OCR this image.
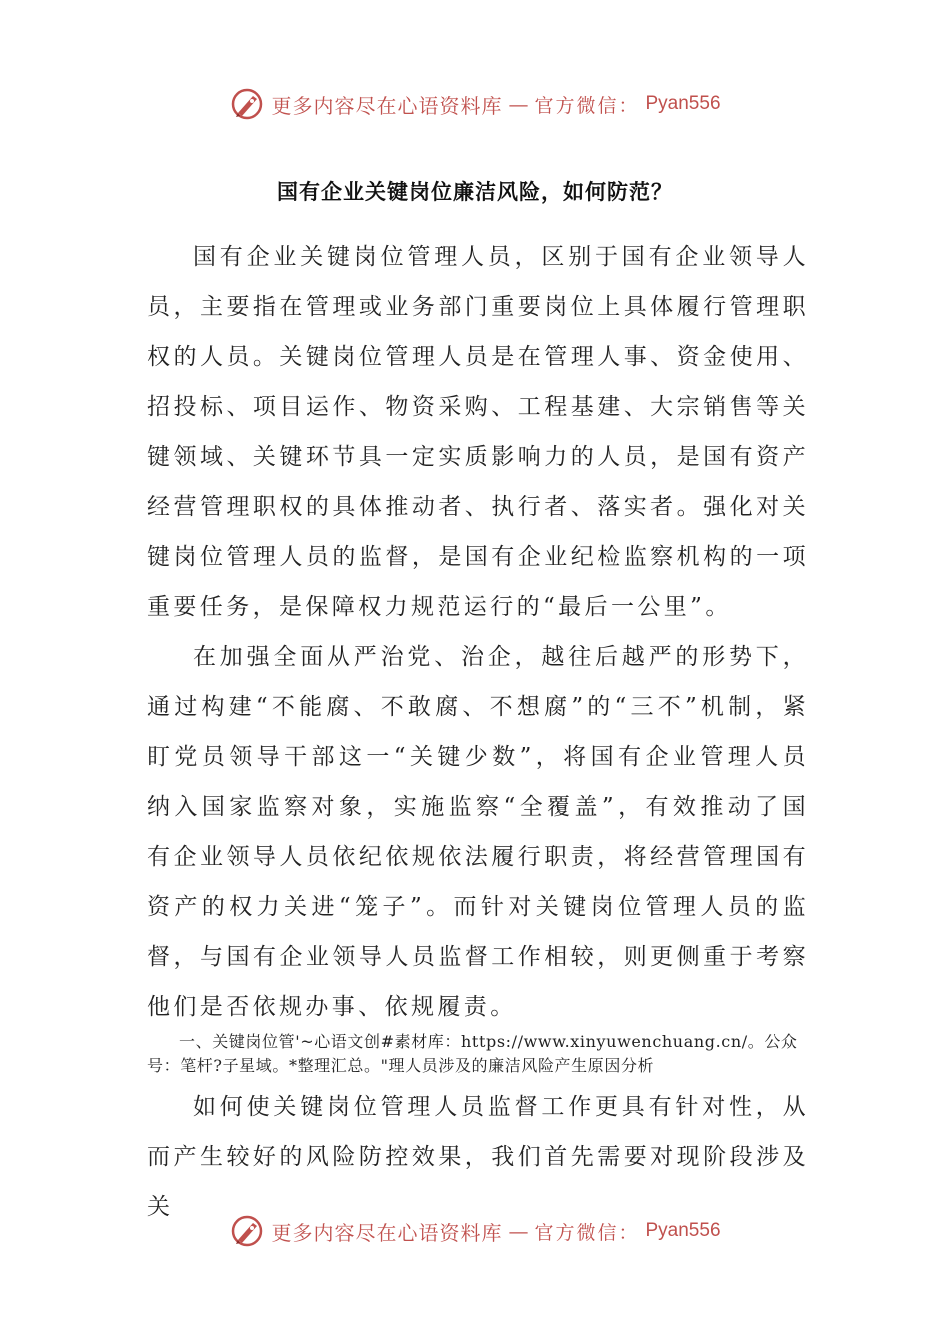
更多内容尽在心语资料库 — 官方微信： Pyan556
国有企业关键岗位廉洁风险，如何防范？

国有企业关键岗位管理人员，区别于国有企业领导人员，主要指在管理或业务部门重要岗位上具体履行管理职权的人员。关键岗位管理人员是在管理人事、资金使用、招投标、项目运作、物资采购、工程基建、大宗销售等关键领域、关键环节具一定实质影响力的人员，是国有资产经营管理职权的具体推动者、执行者、落实者。强化对关键岗位管理人员的监督，是国有企业纪检监察机构的一项重要任务，是保障权力规范运行的“最后一公里”。

在加强全面从严治党、治企，越往后越严的形势下，通过构建“不能腐、不敢腐、不想腐”的“三不”机制，紧盯党员领导干部这一“关键少数”，将国有企业管理人员纳入国家监察对象，实施监察“全覆盖”，有效推动了国有企业领导人员依纪依规依法履行职责，将经营管理国有资产的权力关进“笼子”。而针对关键岗位管理人员的监督，与国有企业领导人员监督工作相较，则更侧重于考察他们是否依规办事、依规履责。

一、关键岗位管'~心语文创#素材库：https://www.xinyuwenchuang.cn/。公众号：笔杆?子星域。*整理汇总。"理人员涉及的廉洁风险产生原因分析

如何使关键岗位管理人员监督工作更具有针对性，从而产生较好的风险防控效果，我们首先需要对现阶段涉及关

更多内容尽在心语资料库 — 官方微信： Pyan556
